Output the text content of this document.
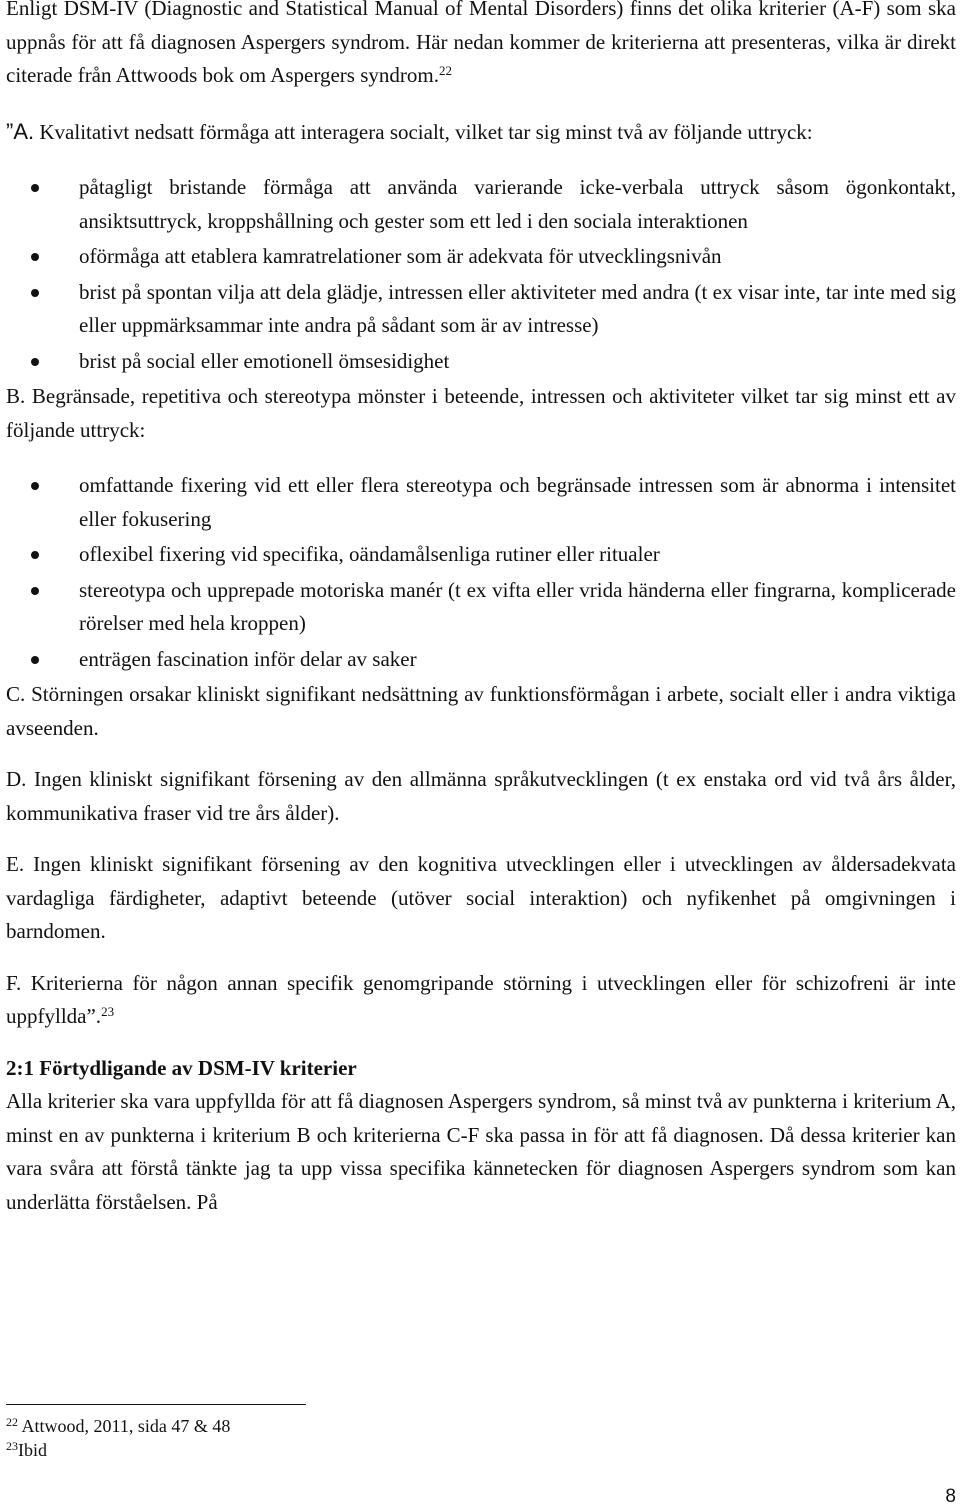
Enligt DSM-IV (Diagnostic and Statistical Manual of Mental Disorders) finns det olika kriterier (A-F) som ska uppnås för att få diagnosen Aspergers syndrom. Här nedan kommer de kriterierna att presenteras, vilka är direkt citerade från Attwoods bok om Aspergers syndrom.$^{22}$

”A. Kvalitativt nedsatt förmåga att interagera socialt, vilket tar sig minst två av följande uttryck:

påtagligt bristande förmåga att använda varierande icke-verbala uttryck såsom ögonkontakt, ansiktsuttryck, kroppshållning och gester som ett led i den sociala interaktionen
oförmåga att etablera kamratrelationer som är adekvata för utvecklingsnivån
brist på spontan vilja att dela glädje, intressen eller aktiviteter med andra (t ex visar inte, tar inte med sig eller uppmärksammar inte andra på sådant som är av intresse)
brist på social eller emotionell ömsesidighet

B. Begränsade, repetitiva och stereotypa mönster i beteende, intressen och aktiviteter vilket tar sig minst ett av följande uttryck:

omfattande fixering vid ett eller flera stereotypa och begränsade intressen som är abnorma i intensitet eller fokusering
oflexibel fixering vid specifika, oändamålsenliga rutiner eller ritualer
stereotypa och upprepade motoriska manér (t ex vifta eller vrida händerna eller fingrarna, komplicerade rörelser med hela kroppen)
enträgen fascination inför delar av saker

C. Störningen orsakar kliniskt signifikant nedsättning av funktionsförmågan i arbete, socialt eller i andra viktiga avseenden.

D. Ingen kliniskt signifikant försening av den allmänna språkutvecklingen (t ex enstaka ord vid två års ålder, kommunikativa fraser vid tre års ålder).

E. Ingen kliniskt signifikant försening av den kognitiva utvecklingen eller i utvecklingen av åldersadekvata vardagliga färdigheter, adaptivt beteende (utöver social interaktion) och nyfikenhet på omgivningen i barndomen.

F. Kriterierna för någon annan specifik genomgripande störning i utvecklingen eller för schizofreni är inte uppfyllda”.$^{23}$

2:1 Förtydligande av DSM-IV kriterier

Alla kriterier ska vara uppfyllda för att få diagnosen Aspergers syndrom, så minst två av punkterna i kriterium A, minst en av punkterna i kriterium B och kriterierna C-F ska passa in för att få diagnosen. Då dessa kriterier kan vara svåra att förstå tänkte jag ta upp vissa specifika kännetecken för diagnosen Aspergers syndrom som kan underlätta förståelsen. På

$^{22}$ Attwood, 2011, sida 47 & 48
$^{23}$Ibid
8
